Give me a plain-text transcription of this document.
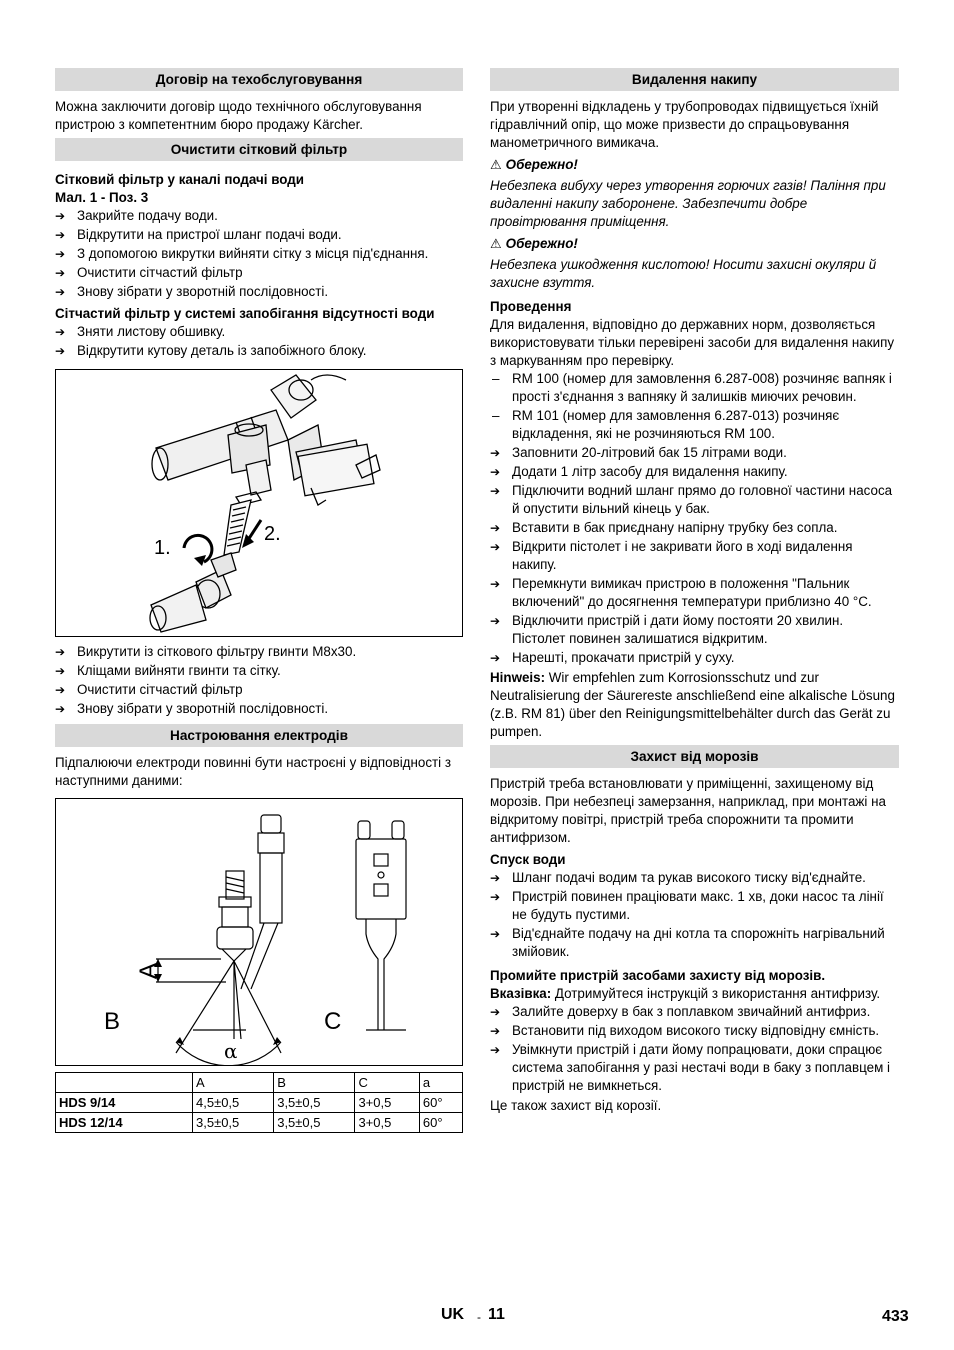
Договір на техобслуговування

Можна заключити договір щодо технічного обслуговування пристрою з компетентним бюро продажу Kärcher.

Очистити сітковий фільтр

Сітковий фільтр у каналі подачі води

Мал. 1 - Поз. 3

➔ Закрийте подачу води.
➔ Відкрутити на пристрої шланг подачі води.
➔ З допомогою викрутки вийняти сітку з місця під'єднання.
➔ Очистити сітчастий фільтр
➔ Знову зібрати у зворотній послідовності.

Сітчастий фільтр у системі запобігання відсутності води

➔ Зняти листову обшивку.
➔ Відкрутити кутову деталь із запобіжного блоку.
1.
2.
➔ Викрутити із сіткового фільтру гвинти М8х30.
➔ Кліщами вийняти гвинти та сітку.
➔ Очистити сітчастий фільтр
➔ Знову зібрати у зворотній послідовності.
Настроювання електродів

Підпалюючи електроди повинні бути настроєні у відповідності з наступними даними:

A
B	C
α
	A	B	C	a
HDS 9/14	4,5±0,5	3,5±0,5	3+0,5	60°
HDS 12/14	3,5±0,5	3,5±0,5	3+0,5	60°
Видалення накипу

При утворенні відкладень у трубопроводах підвищується їхній гідравлічний опір, що може призвести до спрацьовування манометричного вимикача.

⚠ Обережно!

Небезпека вибуху через утворення горючих газів! Паління при видаленні накипу заборонене. Забезпечити добре провітрювання приміщення.

⚠ Обережно!

Небезпека ушкодження кислотою! Носити захисні окуляри й захисне взуття.

Проведення

Для видалення, відповідно до державних норм, дозволяється використовувати тільки перевірені засоби для видалення накипу з маркуванням про перевірку.

– RM 100 (номер для замовлення 6.287-008) розчиняє вапняк і прості з'єднання з вапняку й залишків миючих речовин.
– RM 101 (номер для замовлення 6.287-013) розчиняє відкладення, які не розчиняються RM 100.
➔ Заповнити 20-літровий бак 15 літрами води.
➔ Додати 1 літр засобу для видалення накипу.
➔ Підключити водний шланг прямо до головної частини насоса й опустити вільний кінець у бак.
➔ Вставити в бак приєднану напірну трубку без сопла.
➔ Відкрити пістолет і не закривати його в ході видалення накипу.
➔ Перемкнути вимикач пристрою в положення "Пальник включений" до досягнення температури приблизно 40 °C.
➔ Відключити пристрій і дати йому постояти 20 хвилин. Пістолет повинен залишатися відкритим.
➔ Нарешті, прокачати пристрій у суху.

Hinweis: Wir empfehlen zum Korrosionsschutz und zur Neutralisierung der Säurereste anschließend eine alkalische Lösung (z.B. RM 81) über den Reinigungsmittelbehälter durch das Gerät zu pumpen.

Захист від морозів

Пристрій треба встановлювати у приміщенні, захищеному від морозів. При небезпеці замерзання, наприклад, при монтажі на відкритому повітрі, пристрій треба спорожнити та промити антифризом.

Спуск води

➔ Шланг подачі водим та рукав високого тиску від'єднайте.
➔ Пристрій повинен праціювати макс. 1 хв, доки насос та лінії не будуть пустими.
➔ Від'єднайте подачу на дні котла та спорожніть нагрівальний змійовик.

Промийте пристрій засобами захисту від морозів.

Вказівка: Дотримуйтеся інструкцій з використання антифризу.

➔ Залийте доверху в бак з поплавком звичайний антифриз.
➔ Встановити під виходом високого тиску відповідну ємність.
➔ Увімкнути пристрій і дати йому попрацювати, доки спрацює система запобігання у разі нестачі води в баку з поплавцем і пристрій не вимкнеться.

Це також захист від корозії.

UK - 11	433
